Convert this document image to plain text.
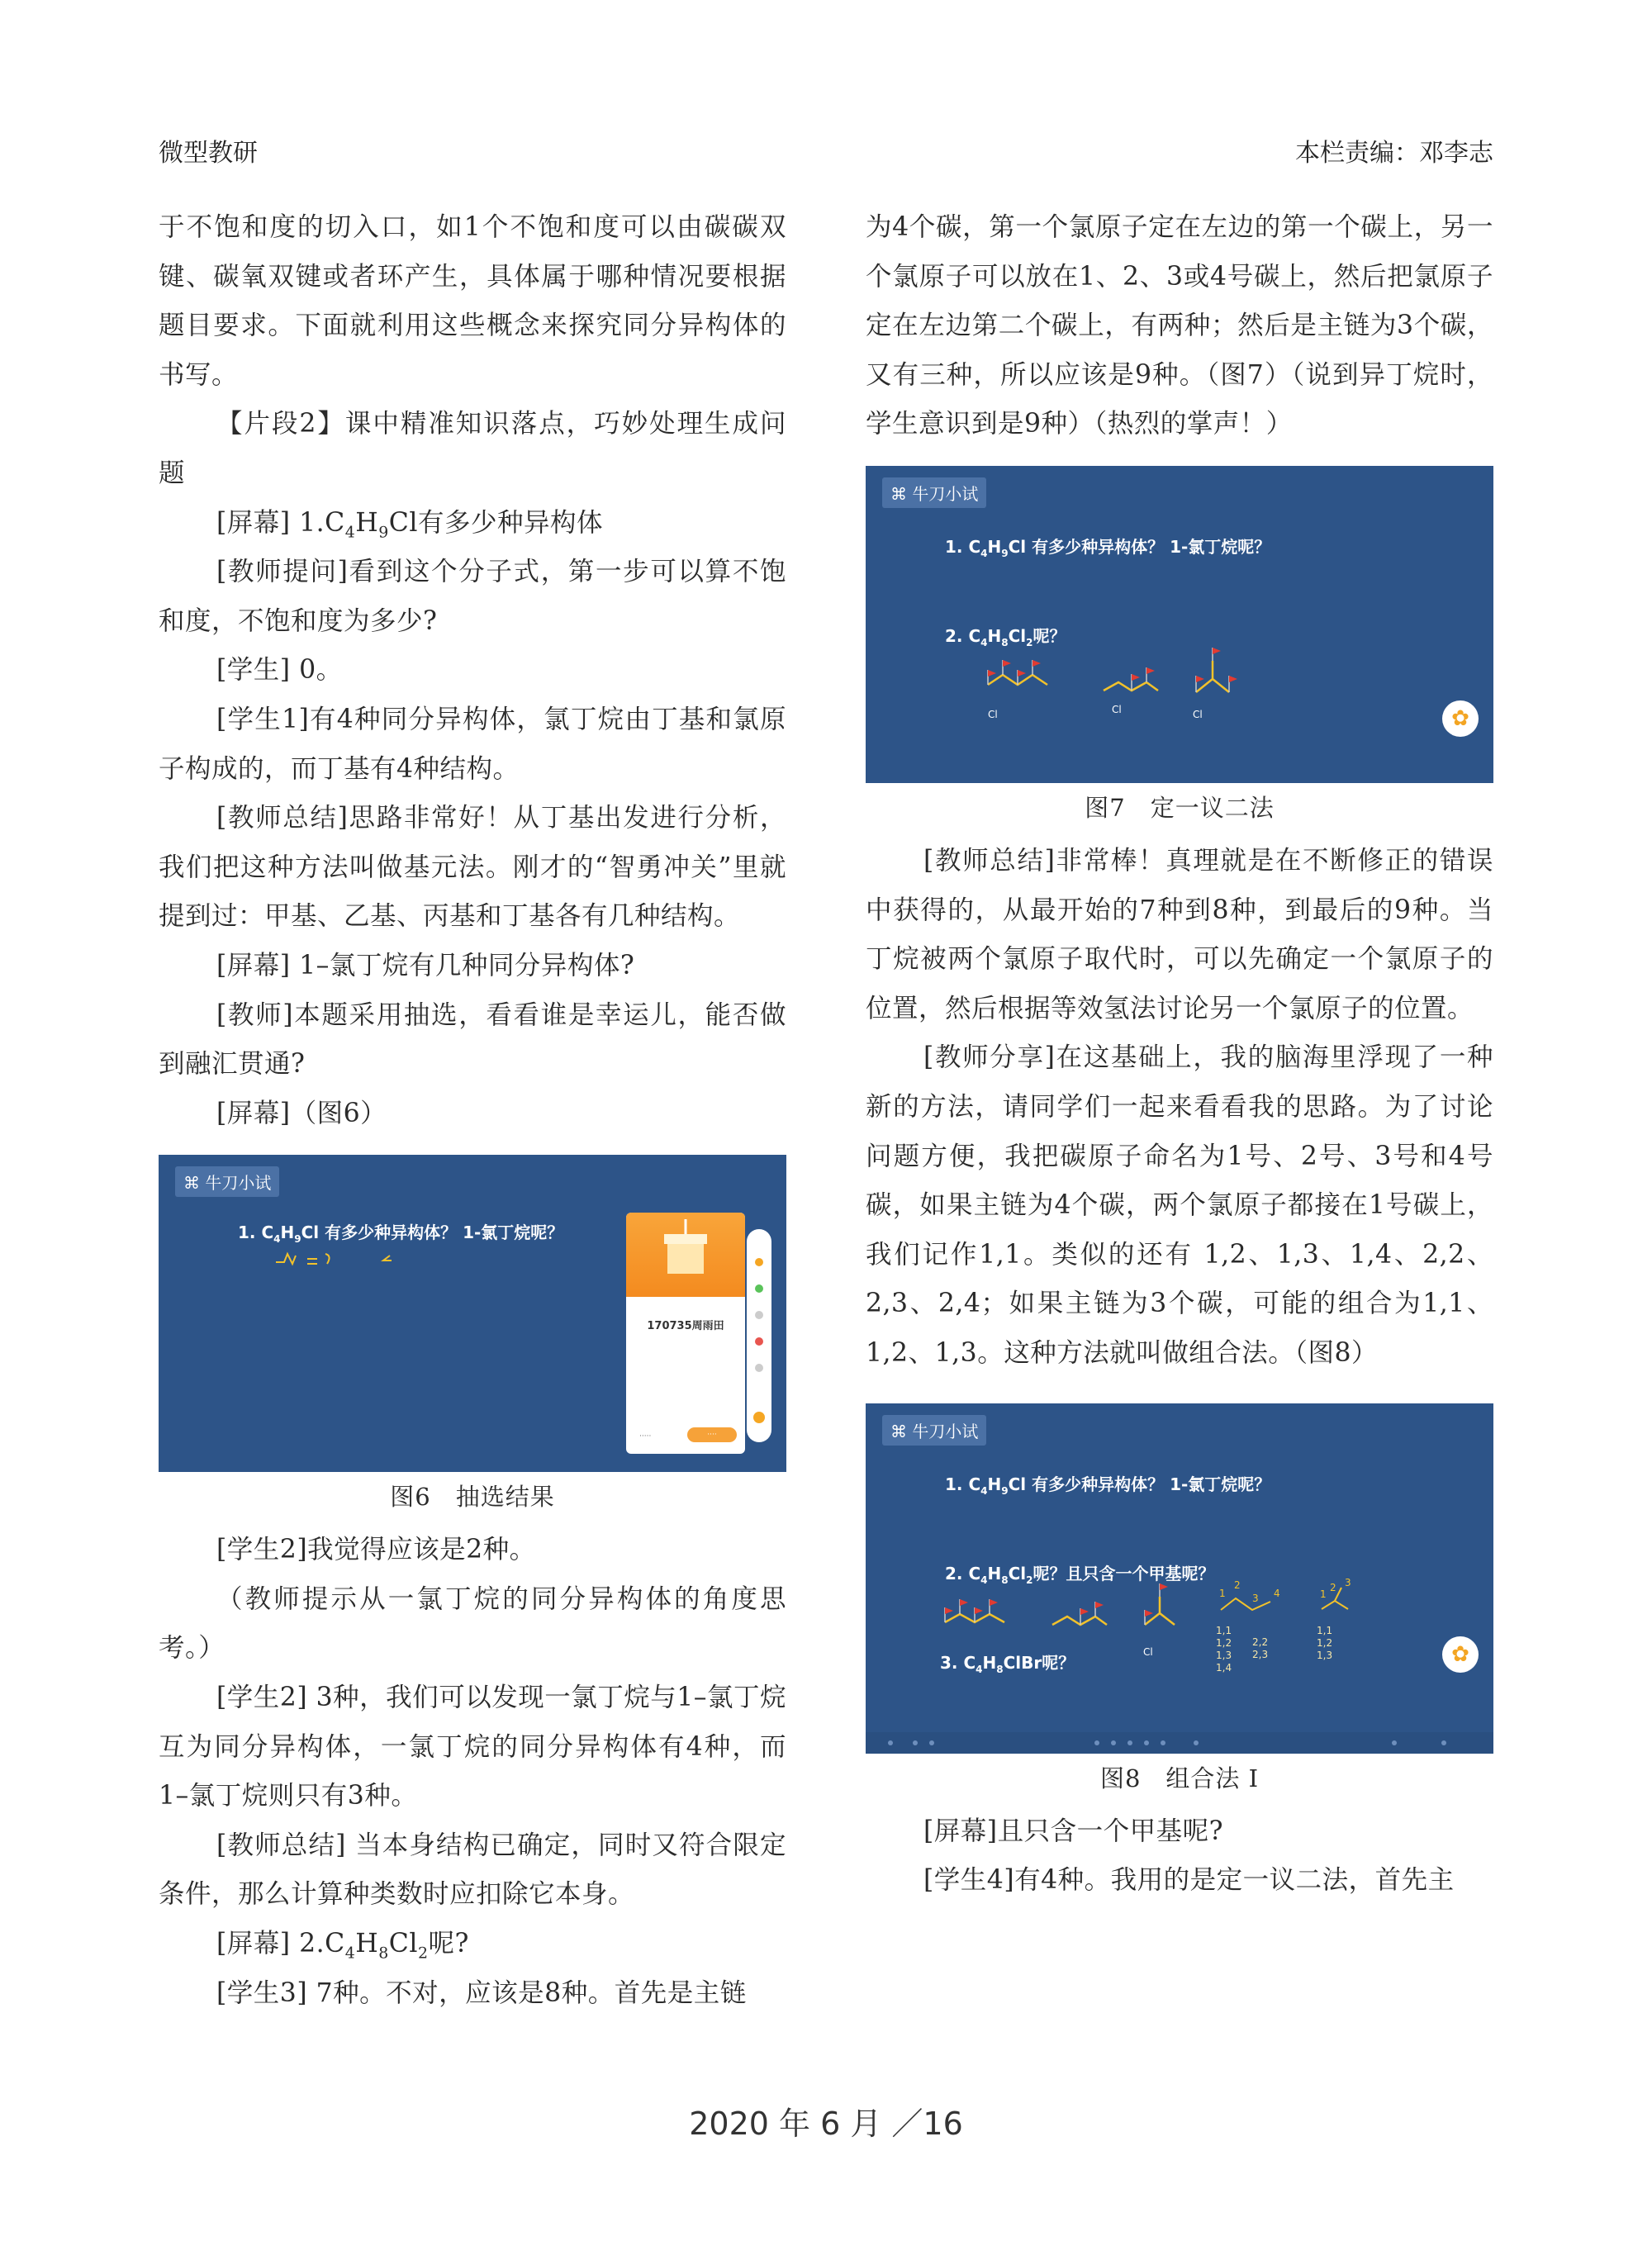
微型教研	本栏责编：邓李志

于不饱和度的切入口，如1个不饱和度可以由碳碳双键、碳氧双键或者环产生，具体属于哪种情况要根据题目要求。下面就利用这些概念来探究同分异构体的书写。

【片段2】课中精准知识落点，巧妙处理生成问题

[屏幕] $1.C_4H_9Cl$有多少种异构体

[教师提问]看到这个分子式，第一步可以算不饱和度，不饱和度为多少?

[学生] 0。

[学生1]有4种同分异构体，氯丁烷由丁基和氯原子构成的，而丁基有4种结构。

[教师总结]思路非常好！从丁基出发进行分析，我们把这种方法叫做基元法。刚才的“智勇冲关”里就提到过：甲基、乙基、丙基和丁基各有几种结构。

[屏幕] 1–氯丁烷有几种同分异构体?

[教师]本题采用抽选，看看谁是幸运儿，能否做到融汇贯通?

[屏幕]（图6）

⌘ 牛刀小试
1. $C_4H_9Cl$ 有多少种异构体？ 1-氯丁烷呢？
170735周雨田
·····	····
图6　抽选结果

[学生2]我觉得应该是2种。

（教师提示从一氯丁烷的同分异构体的角度思考。）

[学生2] 3种，我们可以发现一氯丁烷与1–氯丁烷互为同分异构体，一氯丁烷的同分异构体有4种，而1–氯丁烷则只有3种。

[教师总结] 当本身结构已确定，同时又符合限定条件，那么计算种类数时应扣除它本身。

[屏幕] $2.C_4H_8Cl_2$呢?

[学生3] 7种。不对，应该是8种。首先是主链

为4个碳，第一个氯原子定在左边的第一个碳上，另一个氯原子可以放在1、2、3或4号碳上，然后把氯原子定在左边第二个碳上，有两种；然后是主链为3个碳，又有三种，所以应该是9种。（图7）（说到异丁烷时，学生意识到是9种）（热烈的掌声！）

⌘ 牛刀小试
1. $C_4H_9Cl$ 有多少种异构体？ 1-氯丁烷呢？
2. $C_4H_8Cl_2$呢？
Cl	Cl	Cl	✿
图7　定一议二法

[教师总结]非常棒！真理就是在不断修正的错误中获得的，从最开始的7种到8种，到最后的9种。当丁烷被两个氯原子取代时，可以先确定一个氯原子的位置，然后根据等效氢法讨论另一个氯原子的位置。

[教师分享]在这基础上，我的脑海里浮现了一种新的方法，请同学们一起来看看我的思路。为了讨论问题方便，我把碳原子命名为1号、2号、3号和4号碳，如果主链为4个碳，两个氯原子都接在1号碳上，我们记作1,1。类似的还有 1,2、1,3、1,4、2,2、2,3、2,4；如果主链为3个碳，可能的组合为1,1、1,2、1,3。这种方法就叫做组合法。（图8）

⌘ 牛刀小试
1. $C_4H_9Cl$ 有多少种异构体？ 1-氯丁烷呢？
2. $C_4H_8Cl_2$呢？且只含一个甲基呢？
Cl
3. $C_4H_8ClBr$呢？
1
2
3 4	1
2 3
1,1
1,2
1,3
1,4
2,2
2,3
1,1
1,2
1,3	✿
图8　组合法 Ⅰ

[屏幕]且只含一个甲基呢?

[学生4]有4种。我用的是定一议二法，首先主

2020 年 6 月 ／16
